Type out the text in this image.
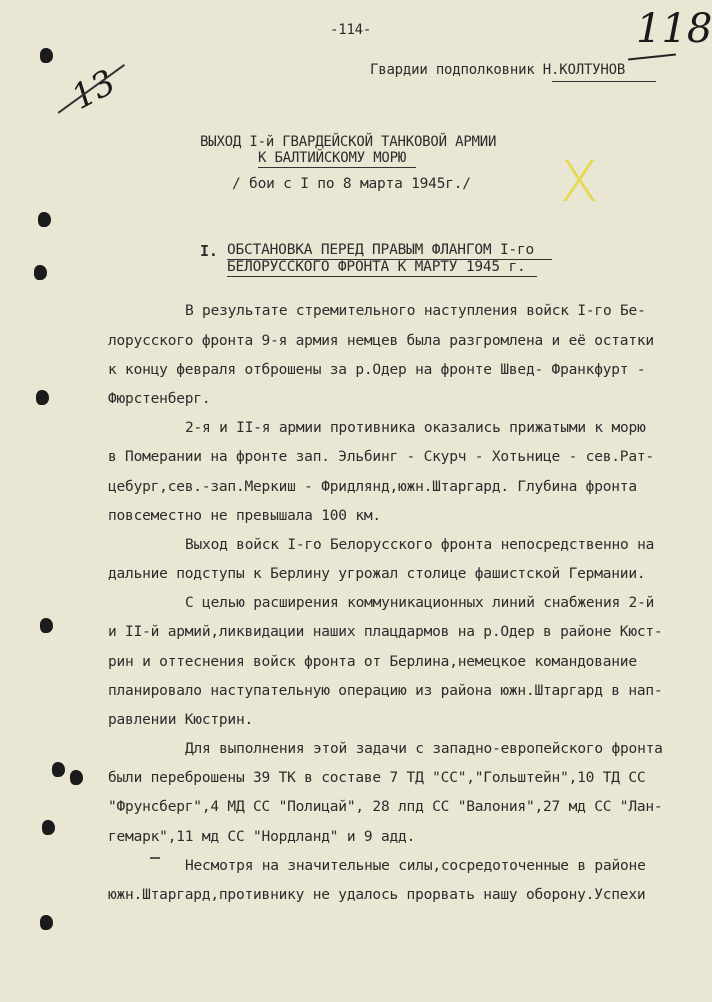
-114-	118
13	Гвардии подполковник Н.КОЛТУНОВ
ВЫХОД I-й ГВАРДЕЙСКОЙ ТАНКОВОЙ АРМИИ
К БАЛТИЙСКОМУ МОРЮ
/ бои с I по 8 марта 1945г./ X
I. ОБСТАНОВКА ПЕРЕД ПРАВЫМ ФЛАНГОМ I-го
БЕЛОРУССКОГО ФРОНТА К МАРТУ 1945 г.
В результате стремительного наступления войск I-го Бе-
лорусского фронта 9-я армия немцев была разгромлена и её остатки
к концу февраля отброшены за р.Одер на фронте Швед- Франкфурт -
Фюрстенберг.
2-я и II-я армии противника оказались прижатыми к морю
в Померании на фронте зап. Эльбинг - Скурч - Хотьнице - сев.Рат-
цебург,сев.-зап.Меркиш - Фридлянд,южн.Штаргард. Глубина фронта
повсеместно не превышала 100 км.
Выход войск I-го Белорусского фронта непосредственно на
дальние подступы к Берлину угрожал столице фашистской Германии.
С целью расширения коммуникационных линий снабжения 2-й
и II-й армий,ликвидации наших плацдармов на р.Одер в районе Кюст-
рин и оттеснения войск фронта от Берлина,немецкое командование
планировало наступательную операцию из района южн.Штаргард в нап-
равлении Кюстрин.
Для выполнения этой задачи с западно-европейского фронта
были переброшены 39 ТК в составе 7 ТД "СС","Гольштейн",10 ТД СС
"Фрунсберг",4 МД СС "Полицай", 28 лпд СС "Валония",27 мд СС "Лан-
гемарк",11 мд СС "Нордланд" и 9 адд.
Несмотря на значительные силы,сосредоточенные в районе
южн.Штаргард,противнику не удалось прорвать нашу оборону.Успехи
